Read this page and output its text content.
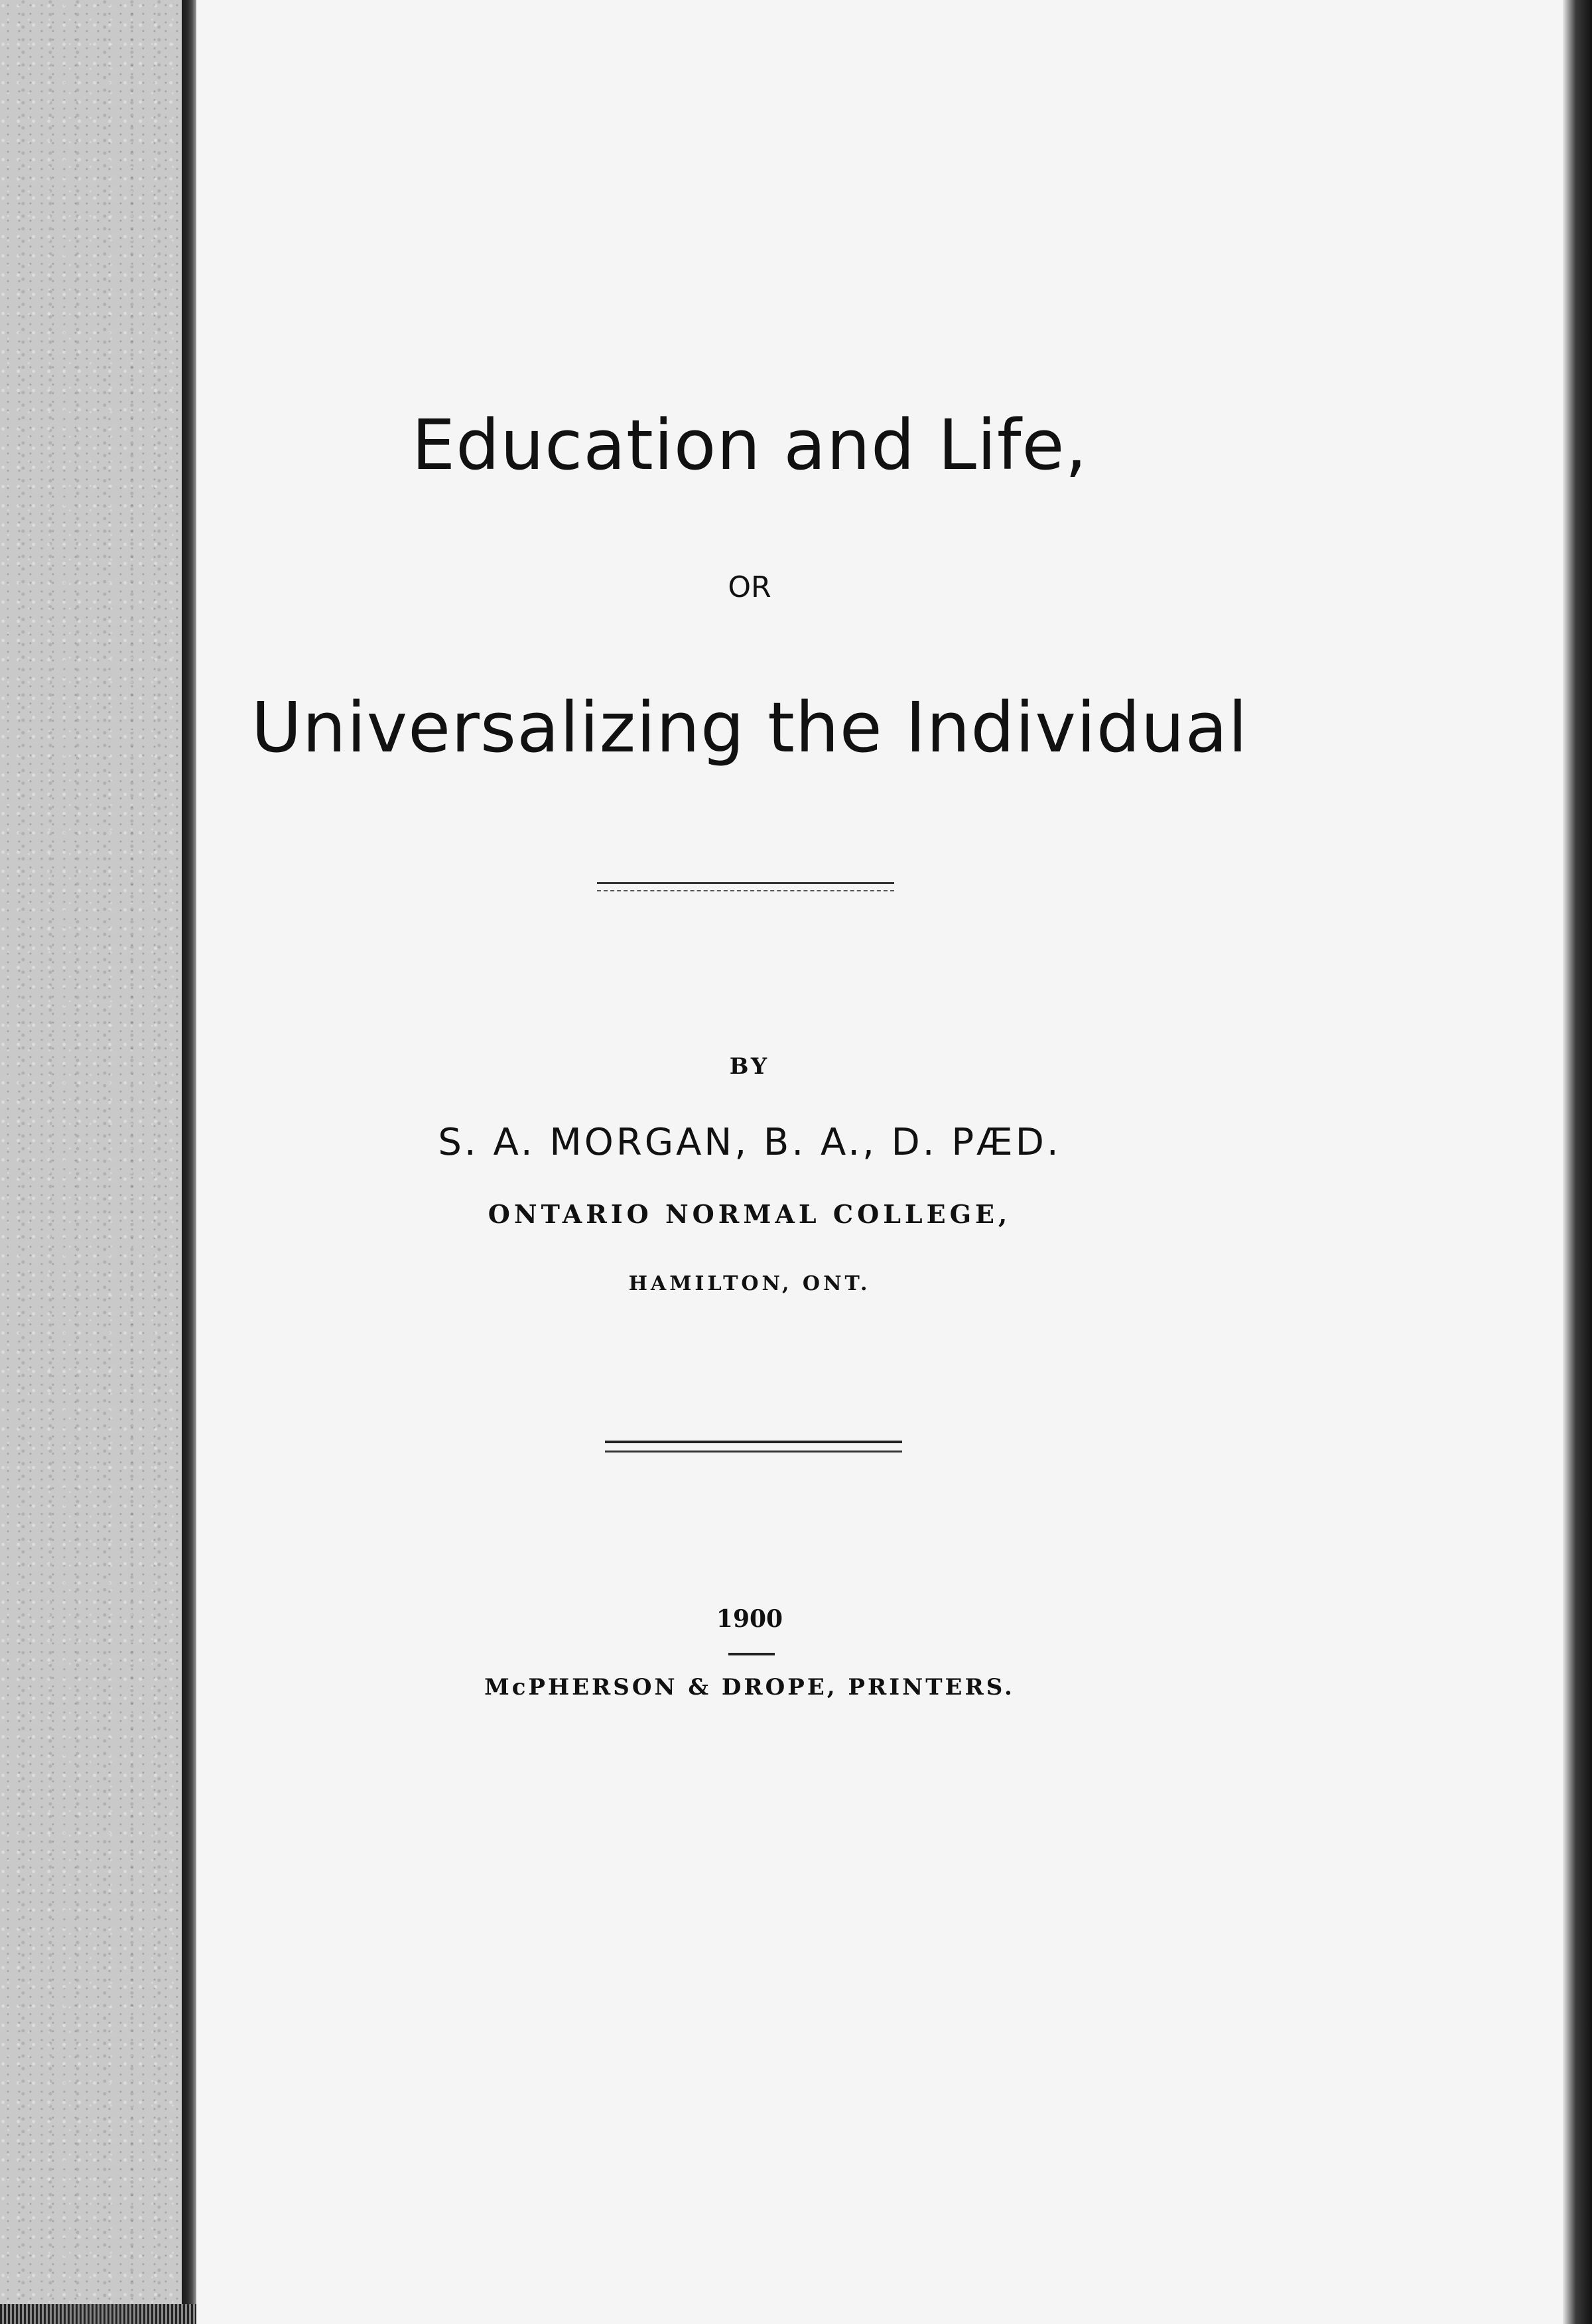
Education and Life,
OR
Universalizing the Individual
BY
S. A. MORGAN, B. A., D. PÆD.
ONTARIO NORMAL COLLEGE,
HAMILTON, ONT.
1900
McPHERSON & DROPE, PRINTERS.
